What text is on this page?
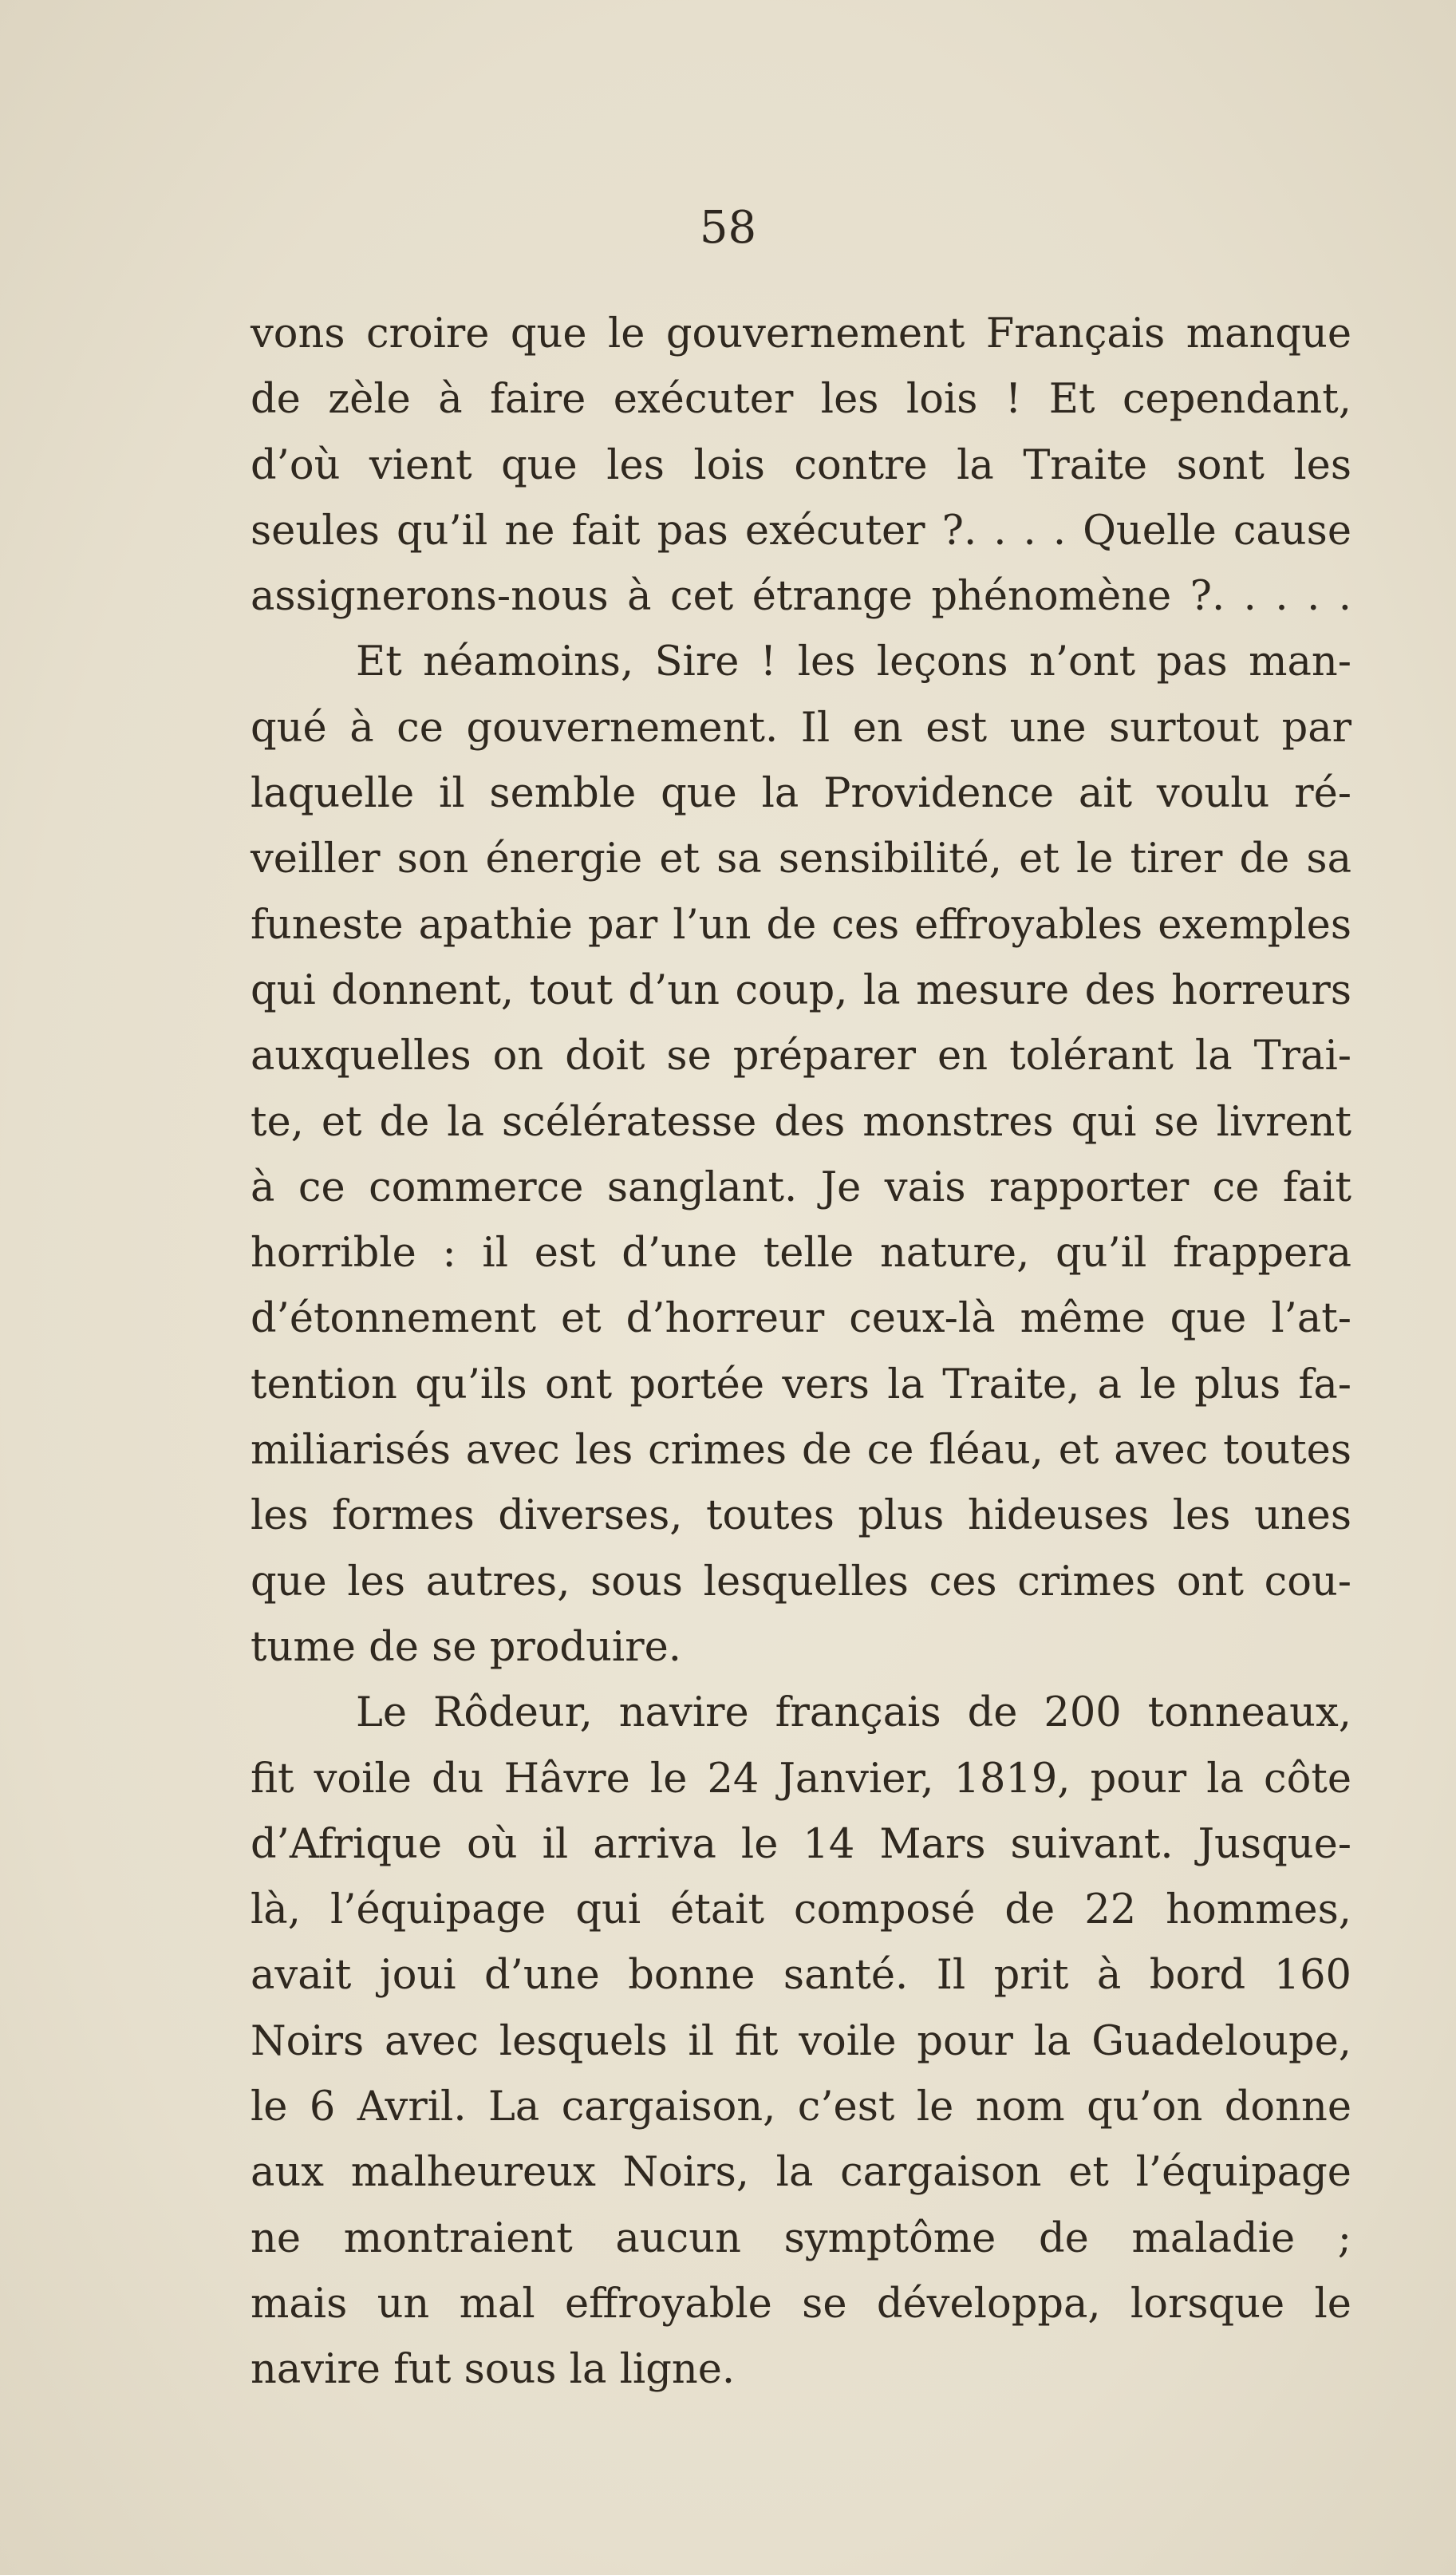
58
vons croire que le gouvernement Français manque
de zèle à faire exécuter les lois ! Et cependant,
d’où vient que les lois contre la Traite sont les
seules qu’il ne fait pas exécuter ?. . . . Quelle cause
assignerons-nous à cet étrange phénomène ?. . . . .
Et néamoins, Sire ! les leçons n’ont pas man-
qué à ce gouvernement. Il en est une surtout par
laquelle il semble que la Providence ait voulu ré-
veiller son énergie et sa sensibilité, et le tirer de sa
funeste apathie par l’un de ces effroyables exemples
qui donnent, tout d’un coup, la mesure des horreurs
auxquelles on doit se préparer en tolérant la Trai-
te, et de la scélératesse des monstres qui se livrent
à ce commerce sanglant. Je vais rapporter ce fait
horrible : il est d’une telle nature, qu’il frappera
d’étonnement et d’horreur ceux-là même que l’at-
tention qu’ils ont portée vers la Traite, a le plus fa-
miliarisés avec les crimes de ce fléau, et avec toutes
les formes diverses, toutes plus hideuses les unes
que les autres, sous lesquelles ces crimes ont cou-
tume de se produire.
Le Rôdeur, navire français de 200 tonneaux,
fit voile du Hâvre le 24 Janvier, 1819, pour la côte
d’Afrique où il arriva le 14 Mars suivant. Jusque-
là, l’équipage qui était composé de 22 hommes,
avait joui d’une bonne santé. Il prit à bord 160
Noirs avec lesquels il fit voile pour la Guadeloupe,
le 6 Avril. La cargaison, c’est le nom qu’on donne
aux malheureux Noirs, la cargaison et l’équipage
ne montraient aucun symptôme de maladie ;
mais un mal effroyable se développa, lorsque le
navire fut sous la ligne.
